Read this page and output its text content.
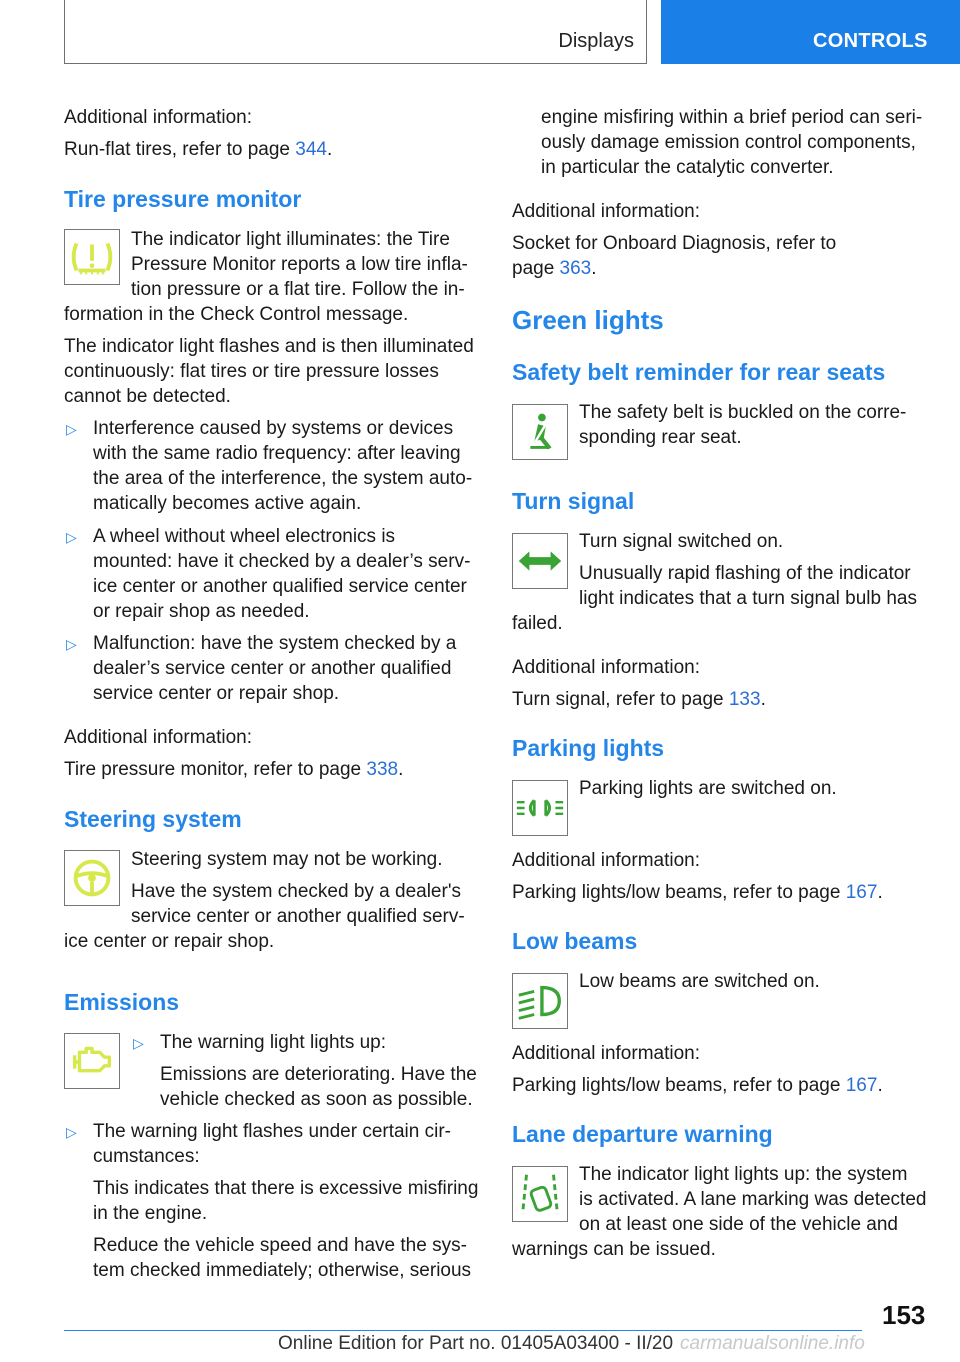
Displays	CONTROLS
Additional information:
Run-flat tires, refer to page 344.
Tire pressure monitor
The indicator light illuminates: the Tire
Pressure Monitor reports a low tire infla-
tion pressure or a flat tire. Follow the in-
formation in the Check Control message.
The indicator light flashes and is then illuminated
continuously: flat tires or tire pressure losses
cannot be detected.
▷ Interference caused by systems or devices
with the same radio frequency: after leaving
the area of the interference, the system auto-
matically becomes active again.
▷ A wheel without wheel electronics is
mounted: have it checked by a dealer’s serv-
ice center or another qualified service center
or repair shop as needed.
▷ Malfunction: have the system checked by a
dealer’s service center or another qualified
service center or repair shop.
Additional information:
Tire pressure monitor, refer to page 338.
Steering system
Steering system may not be working.
Have the system checked by a dealer's
service center or another qualified serv-
ice center or repair shop.
Emissions
▷ The warning light lights up:
Emissions are deteriorating. Have the
vehicle checked as soon as possible.
▷ The warning light flashes under certain cir-
cumstances:
This indicates that there is excessive misfiring
in the engine.
Reduce the vehicle speed and have the sys-
tem checked immediately; otherwise, serious
engine misfiring within a brief period can seri-
ously damage emission control components,
in particular the catalytic converter.
Additional information:
Socket for Onboard Diagnosis, refer to
page 363.
Green lights
Safety belt reminder for rear seats
The safety belt is buckled on the corre-
sponding rear seat.
Turn signal
Turn signal switched on.
Unusually rapid flashing of the indicator
light indicates that a turn signal bulb has
failed.
Additional information:
Turn signal, refer to page 133.
Parking lights
Parking lights are switched on.
Additional information:
Parking lights/low beams, refer to page 167.
Low beams
Low beams are switched on.
Additional information:
Parking lights/low beams, refer to page 167.
Lane departure warning
The indicator light lights up: the system
is activated. A lane marking was detected
on at least one side of the vehicle and
warnings can be issued.
153
Online Edition for Part no. 01405A03400 - II/20 carmanualsonline.info
